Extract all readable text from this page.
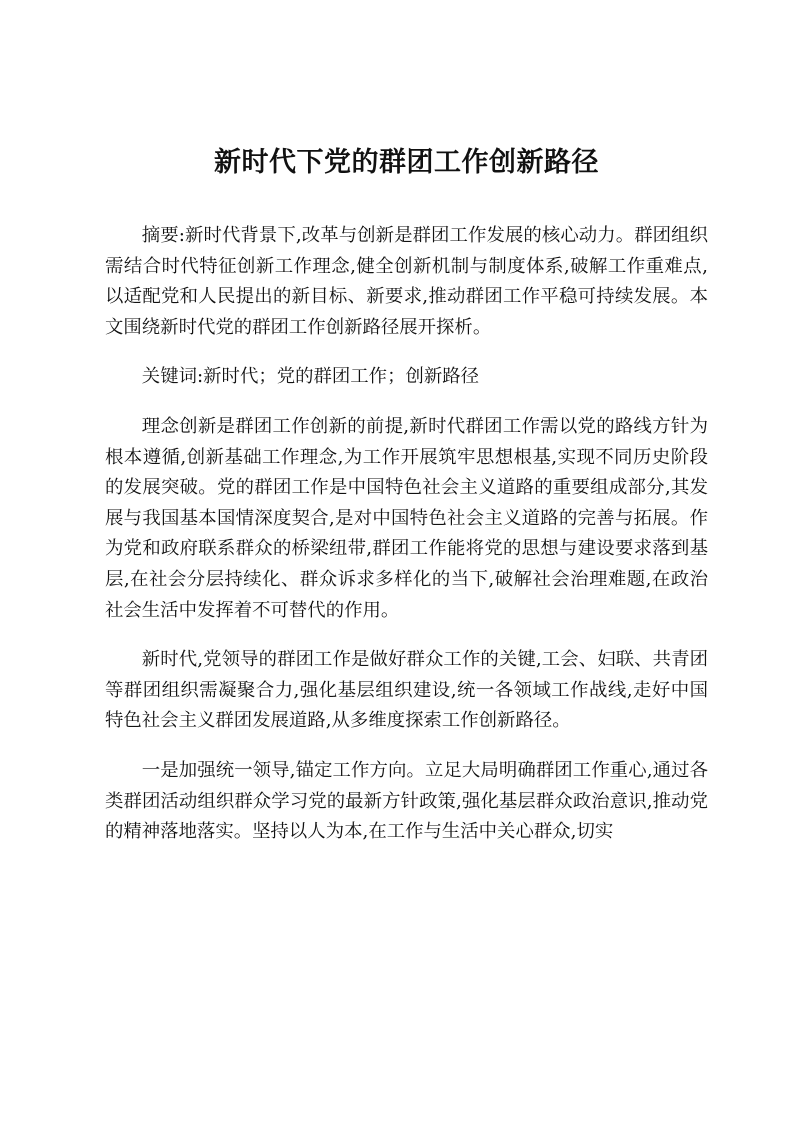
新时代下党的群团工作创新路径

摘要:新时代背景下,改革与创新是群团工作发展的核心动力。群团组织需结合时代特征创新工作理念,健全创新机制与制度体系,破解工作重难点,以适配党和人民提出的新目标、新要求,推动群团工作平稳可持续发展。本文围绕新时代党的群团工作创新路径展开探析。

关键词:新时代；党的群团工作；创新路径

理念创新是群团工作创新的前提,新时代群团工作需以党的路线方针为根本遵循,创新基础工作理念,为工作开展筑牢思想根基,实现不同历史阶段的发展突破。党的群团工作是中国特色社会主义道路的重要组成部分,其发展与我国基本国情深度契合,是对中国特色社会主义道路的完善与拓展。作为党和政府联系群众的桥梁纽带,群团工作能将党的思想与建设要求落到基层,在社会分层持续化、群众诉求多样化的当下,破解社会治理难题,在政治社会生活中发挥着不可替代的作用。

新时代,党领导的群团工作是做好群众工作的关键,工会、妇联、共青团等群团组织需凝聚合力,强化基层组织建设,统一各领域工作战线,走好中国特色社会主义群团发展道路,从多维度探索工作创新路径。

一是加强统一领导,锚定工作方向。立足大局明确群团工作重心,通过各类群团活动组织群众学习党的最新方针政策,强化基层群众政治意识,推动党的精神落地落实。坚持以人为本,在工作与生活中关心群众,切实
